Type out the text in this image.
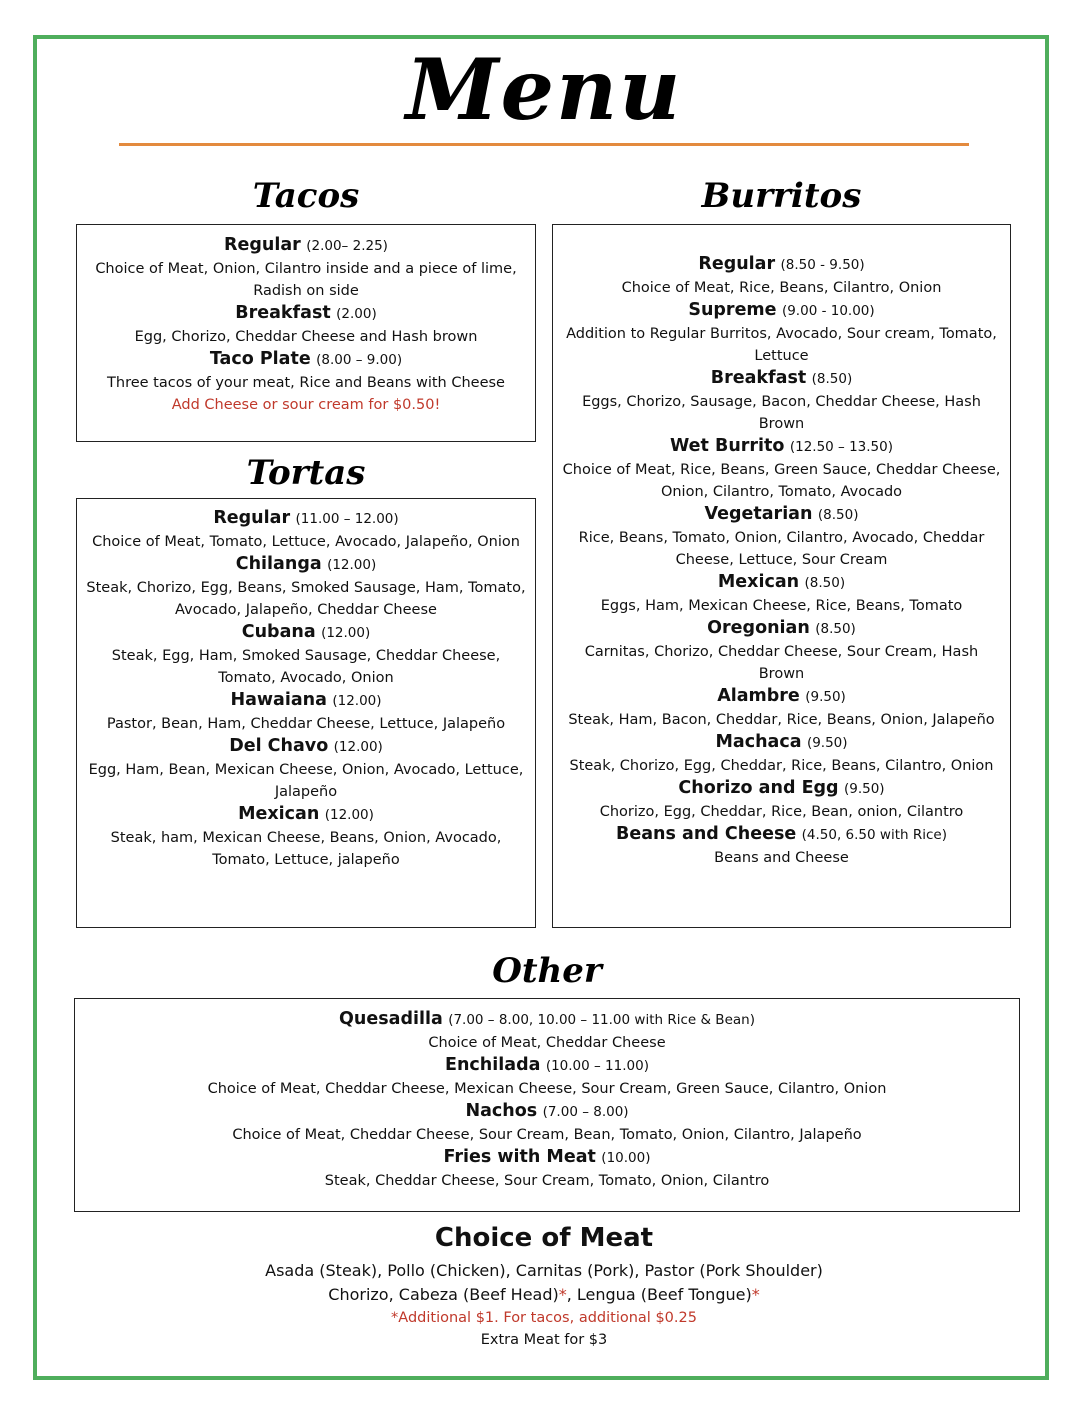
Menu
Tacos
Regular (2.00– 2.25)
Choice of Meat, Onion, Cilantro inside and a piece of lime, Radish on side
Breakfast (2.00)
Egg, Chorizo, Cheddar Cheese and Hash brown
Taco Plate (8.00 – 9.00)
Three tacos of your meat, Rice and Beans with Cheese
Add Cheese or sour cream for $0.50!
Tortas
Regular (11.00 – 12.00)
Choice of Meat, Tomato, Lettuce, Avocado, Jalapeño, Onion
Chilanga (12.00)
Steak, Chorizo, Egg, Beans, Smoked Sausage, Ham, Tomato, Avocado, Jalapeño, Cheddar Cheese
Cubana (12.00)
Steak, Egg, Ham, Smoked Sausage, Cheddar Cheese, Tomato, Avocado, Onion
Hawaiana (12.00)
Pastor, Bean, Ham, Cheddar Cheese, Lettuce, Jalapeño
Del Chavo (12.00)
Egg, Ham, Bean, Mexican Cheese, Onion, Avocado, Lettuce, Jalapeño
Mexican (12.00)
Steak, ham, Mexican Cheese, Beans, Onion, Avocado, Tomato, Lettuce, jalapeño
Burritos
Regular (8.50 - 9.50)
Choice of Meat, Rice, Beans, Cilantro, Onion
Supreme (9.00 - 10.00)
Addition to Regular Burritos, Avocado, Sour cream, Tomato, Lettuce
Breakfast (8.50)
Eggs, Chorizo, Sausage, Bacon, Cheddar Cheese, Hash Brown
Wet Burrito (12.50 – 13.50)
Choice of Meat, Rice, Beans, Green Sauce, Cheddar Cheese, Onion, Cilantro, Tomato, Avocado
Vegetarian (8.50)
Rice, Beans, Tomato, Onion, Cilantro, Avocado, Cheddar Cheese, Lettuce, Sour Cream
Mexican (8.50)
Eggs, Ham, Mexican Cheese, Rice, Beans, Tomato
Oregonian (8.50)
Carnitas, Chorizo, Cheddar Cheese, Sour Cream, Hash Brown
Alambre (9.50)
Steak, Ham, Bacon, Cheddar, Rice, Beans, Onion, Jalapeño
Machaca (9.50)
Steak, Chorizo, Egg, Cheddar, Rice, Beans, Cilantro, Onion
Chorizo and Egg (9.50)
Chorizo, Egg, Cheddar, Rice, Bean, onion, Cilantro
Beans and Cheese (4.50, 6.50 with Rice)
Beans and Cheese
Other
Quesadilla (7.00 – 8.00, 10.00 – 11.00 with Rice & Bean)
Choice of Meat, Cheddar Cheese
Enchilada (10.00 – 11.00)
Choice of Meat, Cheddar Cheese, Mexican Cheese, Sour Cream, Green Sauce, Cilantro, Onion
Nachos (7.00 – 8.00)
Choice of Meat, Cheddar Cheese, Sour Cream, Bean, Tomato, Onion, Cilantro, Jalapeño
Fries with Meat (10.00)
Steak, Cheddar Cheese, Sour Cream, Tomato, Onion, Cilantro
Choice of Meat
Asada (Steak), Pollo (Chicken), Carnitas (Pork), Pastor (Pork Shoulder)
Chorizo, Cabeza (Beef Head)*, Lengua (Beef Tongue)*
*Additional $1. For tacos, additional $0.25
Extra Meat for $3
